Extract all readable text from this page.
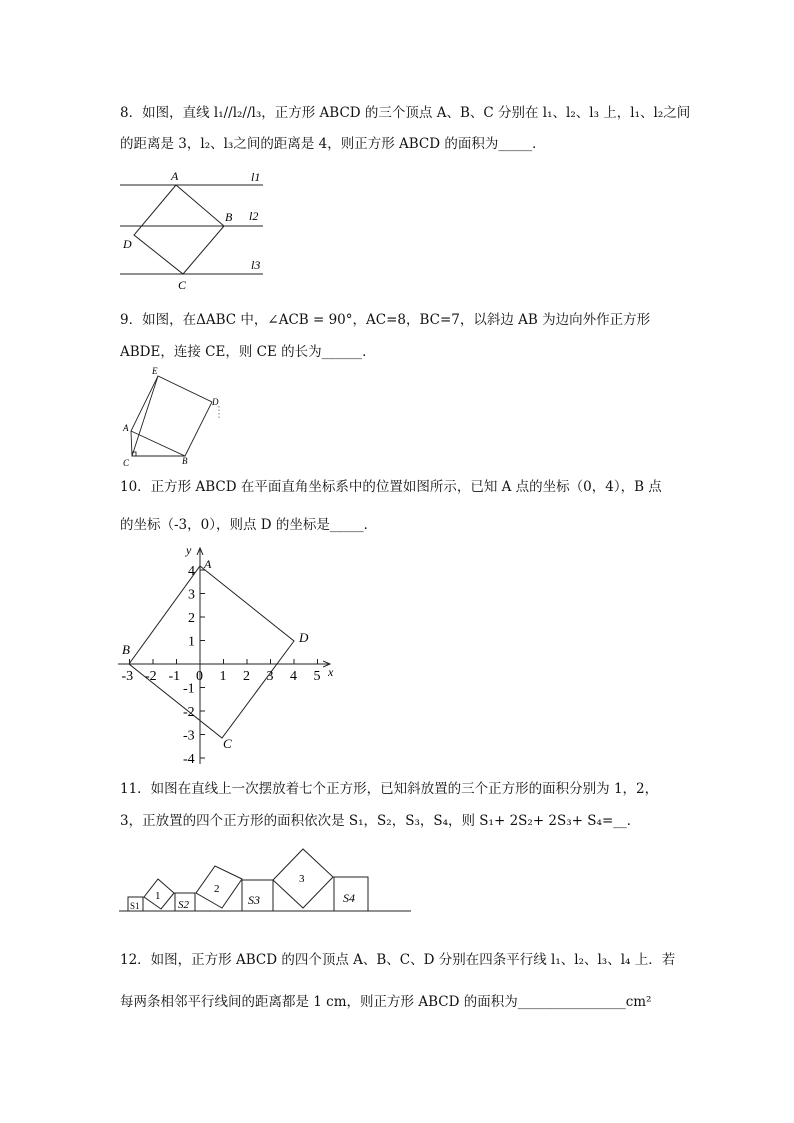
8．如图，直线 l₁//l₂//l₃，正方形 ABCD 的三个顶点 A、B、C 分别在 l₁、l₂、l₃ 上，l₁、l₂之间
的距离是 3，l₂、l₃之间的距离是 4，则正方形 ABCD 的面积为_____．
A
B
C
D
l1
l2
l3
9．如图，在ΔABC 中，∠ACB = 90°，AC=8，BC=7，以斜边 AB 为边向外作正方形
ABDE，连接 CE，则 CE 的长为______．
E
D
A
C	B
10．正方形 ABCD 在平面直角坐标系中的位置如图所示，已知 A 点的坐标（0，4），B 点
的坐标（-3，0），则点 D 的坐标是_____．
-3 -2 -1 0 1 2 3 4 5
4
3
2
1
-1
-2
-3
-4
A
B
C
D
x
y
11．如图在直线上一次摆放着七个正方形，已知斜放置的三个正方形的面积分别为 1，2，
3，正放置的四个正方形的面积依次是 S₁，S₂，S₃，S₄，则 S₁+ 2S₂+ 2S₃+ S₄=__．
1
2
3
S1	S2	S3	S4
12．如图，正方形 ABCD 的四个顶点 A、B、C、D 分别在四条平行线 l₁、l₂、l₃、l₄ 上．若
每两条相邻平行线间的距离都是 1 cm，则正方形 ABCD 的面积为________________cm²
